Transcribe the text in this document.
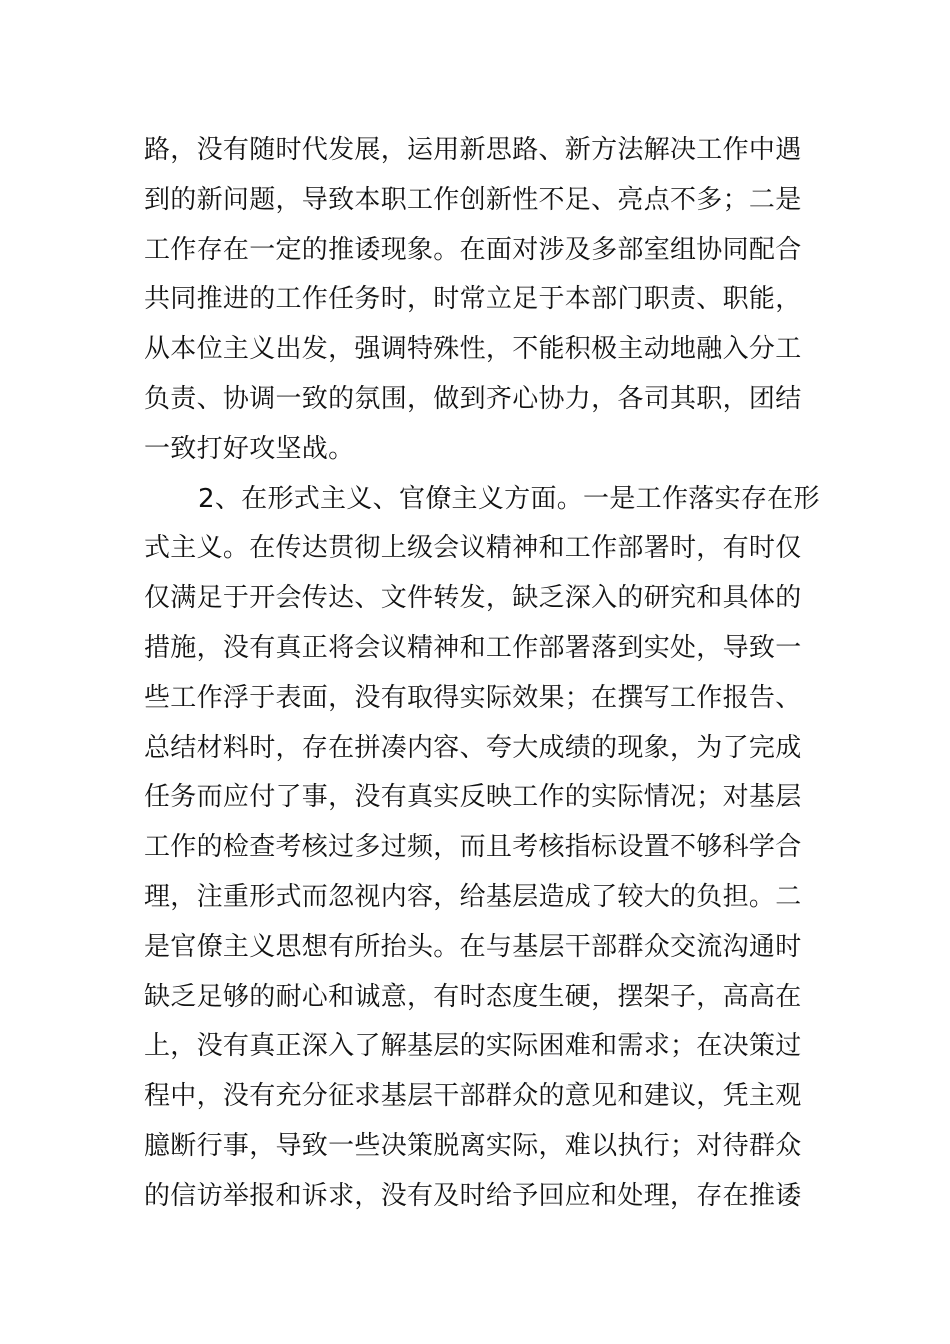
路，没有随时代发展，运用新思路、新方法解决工作中遇
到的新问题，导致本职工作创新性不足、亮点不多；二是
工作存在一定的推诿现象。在面对涉及多部室组协同配合
共同推进的工作任务时，时常立足于本部门职责、职能，
从本位主义出发，强调特殊性，不能积极主动地融入分工
负责、协调一致的氛围，做到齐心协力，各司其职，团结
一致打好攻坚战。
2、在形式主义、官僚主义方面。一是工作落实存在形
式主义。在传达贯彻上级会议精神和工作部署时，有时仅
仅满足于开会传达、文件转发，缺乏深入的研究和具体的
措施，没有真正将会议精神和工作部署落到实处，导致一
些工作浮于表面，没有取得实际效果；在撰写工作报告、
总结材料时，存在拼凑内容、夸大成绩的现象，为了完成
任务而应付了事，没有真实反映工作的实际情况；对基层
工作的检查考核过多过频，而且考核指标设置不够科学合
理，注重形式而忽视内容，给基层造成了较大的负担。二
是官僚主义思想有所抬头。在与基层干部群众交流沟通时
缺乏足够的耐心和诚意，有时态度生硬，摆架子，高高在
上，没有真正深入了解基层的实际困难和需求；在决策过
程中，没有充分征求基层干部群众的意见和建议，凭主观
臆断行事，导致一些决策脱离实际，难以执行；对待群众
的信访举报和诉求，没有及时给予回应和处理，存在推诿
